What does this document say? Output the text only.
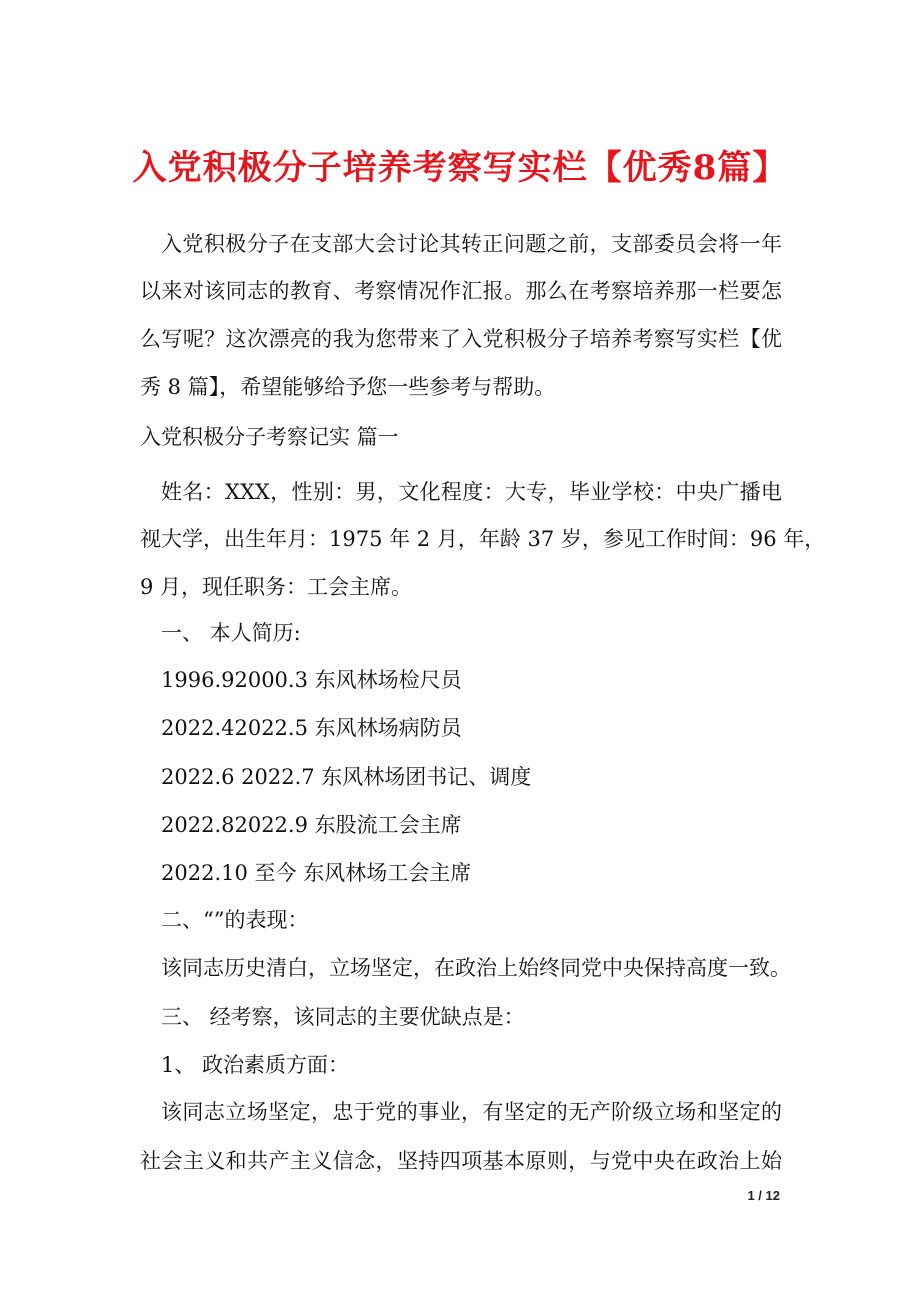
入党积极分子培养考察写实栏【优秀8篇】
入党积极分子在支部大会讨论其转正问题之前，支部委员会将一年
以来对该同志的教育、考察情况作汇报。那么在考察培养那一栏要怎
么写呢？这次漂亮的我为您带来了入党积极分子培养考察写实栏【优
秀 8 篇】，希望能够给予您一些参考与帮助。
入党积极分子考察记实 篇一
姓名：XXX，性别：男，文化程度：大专，毕业学校：中央广播电
视大学，出生年月：1975 年 2 月，年龄 37 岁，参见工作时间：96 年，
9 月，现任职务：工会主席。
一、 本人简历:
1996.92000.3 东风林场检尺员
2022.42022.5 东风林场病防员
2022.6 2022.7 东风林场团书记、调度
2022.82022.9 东股流工会主席
2022.10 至今 东风林场工会主席
二、“”的表现：
该同志历史清白，立场坚定，在政治上始终同党中央保持高度一致。
三、 经考察，该同志的主要优缺点是：
1、 政治素质方面：
该同志立场坚定，忠于党的事业，有坚定的无产阶级立场和坚定的
社会主义和共产主义信念，坚持四项基本原则，与党中央在政治上始
1 / 12
